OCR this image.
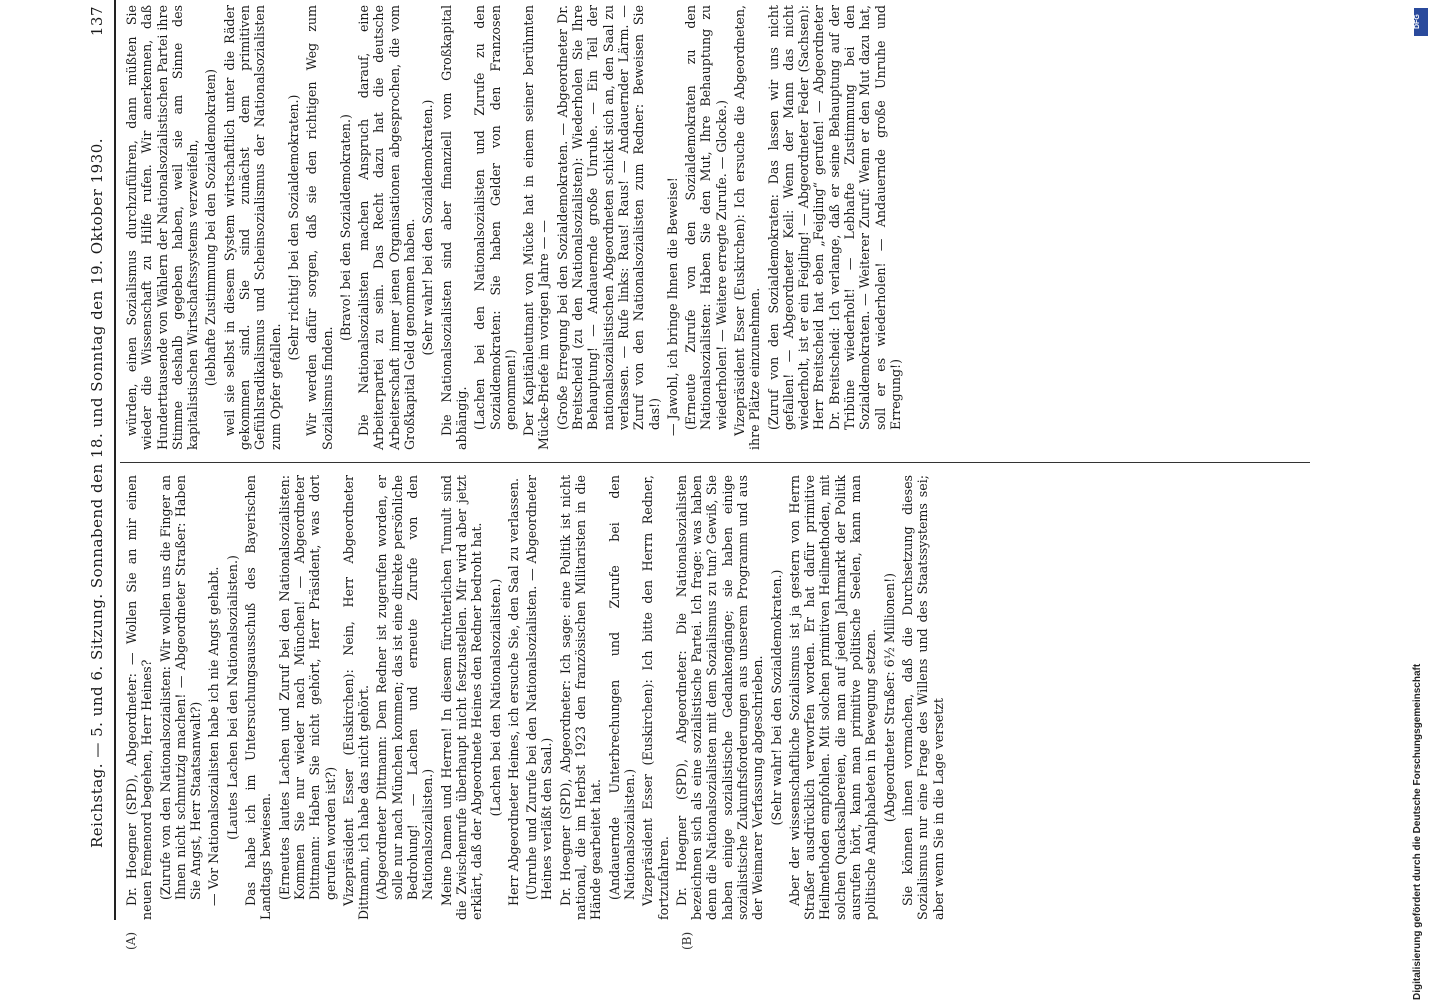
Reichstag. — 5. und 6. Sitzung. Sonnabend den 18. und Sonntag den 19. Oktober 1930.
137
(A)	(B)

Dr. Hoegner (SPD), Abgeordneter: — Wollen Sie an mir einen neuen Femenord begehen, Herr Heines? (Zurufe von den Nationalsozialisten: Wir wollen uns die Finger an Ihnen nicht schmutzig machen! — Abgeordneter Straßer: Haben Sie Angst, Herr Staatsanwalt?) — Vor Nationalsozialisten habe ich nie Angst gehabt. (Lautes Lachen bei den Nationalsozialisten.) Das habe ich im Untersuchungsausschuß des Bayerischen Landtags bewiesen. (Erneutes lautes Lachen und Zuruf bei den Nationalsozialisten: Kommen Sie nur wieder nach München! — Abgeordneter Dittmann: Haben Sie nicht gehört, Herr Präsident, was dort gerufen worden ist?) Vizepräsident Esser (Euskirchen): Nein, Herr Abgeordneter Dittmann, ich habe das nicht gehört. (Abgeordneter Dittmann: Dem Redner ist zugerufen worden, er solle nur nach München kommen; das ist eine direkte persönliche Bedrohung! — Lachen und erneute Zurufe von den Nationalsozialisten.) Meine Damen und Herren! In diesem fürchterlichen Tumult sind die Zwischenrufe überhaupt nicht festzustellen. Mir wird aber jetzt erklärt, daß der Abgeordnete Heines den Redner bedroht hat. (Lachen bei den Nationalsozialisten.) Herr Abgeordneter Heines, ich ersuche Sie, den Saal zu verlassen. (Unruhe und Zurufe bei den Nationalsozialisten. — Abgeordneter Heines verläßt den Saal.) Dr. Hoegner (SPD), Abgeordneter: Ich sage: eine Politik ist nicht national, die im Herbst 1923 den französischen Militaristen in die Hände gearbeitet hat. (Andauernde Unterbrechungen und Zurufe bei den Nationalsozialisten.) Vizepräsident Esser (Euskirchen): Ich bitte den Herrn Redner, fortzufahren. Dr. Hoegner (SPD), Abgeordneter: Die Nationalsozialisten bezeichnen sich als eine sozialistische Partei. Ich frage: was haben denn die Nationalsozialisten mit dem Sozialismus zu tun? Gewiß, Sie haben einige sozialistische Gedankengänge; sie haben einige sozialistische Zukunftsforderungen aus unserem Programm und aus der Weimarer Verfassung abgeschrieben. (Sehr wahr! bei den Sozialdemokraten.) Aber der wissenschaftliche Sozialismus ist ja gestern von Herrn Straßer ausdrücklich verworfen worden. Er hat dafür primitive Heilmethoden empfohlen. Mit solchen primitiven Heilmethoden, mit solchen Quacksalbereien, die man auf jedem Jahrmarkt der Politik ausrufen hört, kann man primitive politische Seelen, kann man politische Analphabeten in Bewegung setzen. (Abgeordneter Straßer: 6½ Millionen!) Sie können ihnen vormachen, daß die Durchsetzung dieses Sozialismus nur eine Frage des Willens und des Staatssystems sei; aber wenn Sie in die Lage versetzt

würden, einen Sozialismus durchzuführen, dann müßten Sie wieder die Wissenschaft zu Hilfe rufen. Wir anerkennen, daß Hunderttausende von Wählern der Nationalsozialistischen Partei ihre Stimme deshalb gegeben haben, weil sie am Sinne des kapitalistischen Wirtschaftssystems verzweifeln, (lebhafte Zustimmung bei den Sozialdemokraten) weil sie selbst in diesem System wirtschaftlich unter die Räder gekommen sind. Sie sind zunächst dem primitiven Gefühlsradikalismus und Scheinsozialismus der Nationalsozialisten zum Opfer gefallen.

(Sehr richtig! bei den Sozialdemokraten.) Wir werden dafür sorgen, daß sie den richtigen Weg zum Sozialismus finden.

(Bravo! bei den Sozialdemokraten.) Die Nationalsozialisten machen Anspruch darauf, eine Arbeiterpartei zu sein. Das Recht dazu hat die deutsche Arbeiterschaft immer jenen Organisationen abgesprochen, die vom Großkapital Geld genommen haben. (Sehr wahr! bei den Sozialdemokraten.) Die Nationalsozialisten sind aber finanziell vom Großkapital abhängig. (Lachen bei den Nationalsozialisten und Zurufe zu den Sozialdemokraten: Sie haben Gelder von den Franzosen genommen!) Der Kapitänleutnant von Mücke hat in einem seiner berühmten Mücke-Briefe im vorigen Jahre — — (Große Erregung bei den Sozialdemokraten. — Abgeordneter Dr. Breitscheid (zu den Nationalsozialisten): Wiederholen Sie Ihre Behauptung! — Andauernde große Unruhe. — Ein Teil der nationalsozialistischen Abgeordneten schickt sich an, den Saal zu verlassen. — Rufe links: Raus! Raus! — Andauernder Lärm. — Zuruf von den Nationalsozialisten zum Redner: Beweisen Sie das!) — Jawohl, ich bringe Ihnen die Beweise! (Erneute Zurufe von den Sozialdemokraten zu den Nationalsozialisten: Haben Sie den Mut, Ihre Behauptung zu wiederholen! — Weitere erregte Zurufe. — Glocke.) Vizepräsident Esser (Euskirchen): Ich ersuche die Abgeordneten, ihre Plätze einzunehmen. (Zuruf von den Sozialdemokraten: Das lassen wir uns nicht gefallen! — Abgeordneter Keil: Wenn der Mann das nicht wiederholt, ist er ein Feigling! — Abgeordneter Feder (Sachsen): Herr Breitscheid hat eben „Feigling“ gerufen! — Abgeordneter Dr. Breitscheid: Ich verlange, daß er seine Behauptung auf der Tribüne wiederholt! — Lebhafte Zustimmung bei den Sozialdemokraten. — Weiterer Zuruf: Wenn er den Mut dazu hat, soll er es wiederholen! — Andauernde große Unruhe und Erregung!)

Digitalisierung gefördert durch die Deutsche Forschungsgemeinschaft
DFG
